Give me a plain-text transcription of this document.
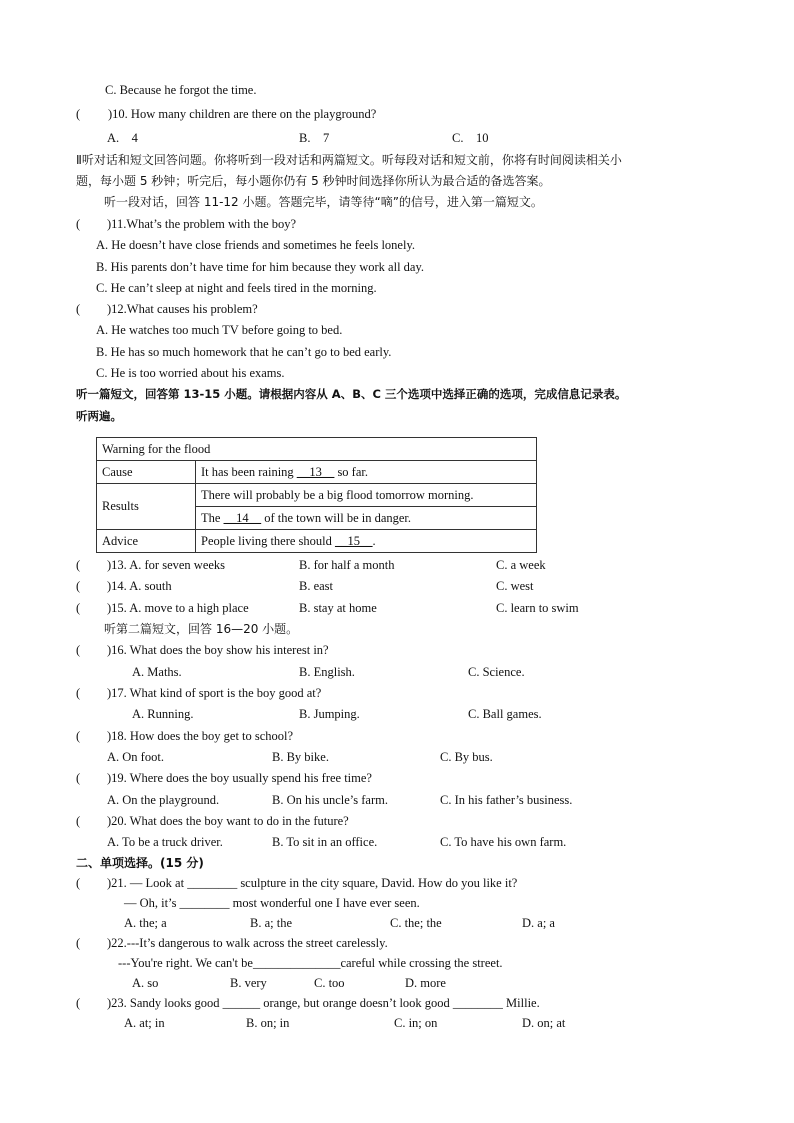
C. Because he forgot the time.
( )10. How many children are there on the playground?
A.　4	B.　7	C.　10
Ⅱ听对话和短文回答问题。你将听到一段对话和两篇短文。听每段对话和短文前，你将有时间阅读相关小
题，每小题 5 秒钟；听完后，每小题你仍有 5 秒钟时间选择你所认为最合适的备选答案。
听一段对话，回答 11-12 小题。答题完毕，请等待“嘀”的信号，进入第一篇短文。
( )11.What’s the problem with the boy?
A. He doesn’t have close friends and sometimes he feels lonely.
B. His parents don’t have time for him because they work all day.
C. He can’t sleep at night and feels tired in the morning.
( )12.What causes his problem?
A. He watches too much TV before going to bed.
B. He has so much homework that he can’t go to bed early.
C. He is too worried about his exams.
听一篇短文，回答第 13-15 小题。请根据内容从 A、B、C 三个选项中选择正确的选项，完成信息记录表。
听两遍。
Warning for the flood	
Cause	It has been raining __13__ so far.
Results	There will probably be a big flood tomorrow morning.
	The __14__ of the town will be in danger.
Advice	People living there should __15__.
( )13. A. for seven weeks	B. for half a month	C. a week
( )14. A. south	B. east	C. west
( )15. A. move to a high place	B. stay at home	C. learn to swim
听第二篇短文，回答 16—20 小题。
( )16. What does the boy show his interest in?
A. Maths.	B. English.	C. Science.
( )17. What kind of sport is the boy good at?
A. Running.	B. Jumping.	C. Ball games.
( )18. How does the boy get to school?
A. On foot.	B. By bike.	C. By bus.
( )19. Where does the boy usually spend his free time?
A. On the playground.	B. On his uncle’s farm.	C. In his father’s business.
( )20. What does the boy want to do in the future?
A. To be a truck driver.	B. To sit in an office.	C. To have his own farm.
二、单项选择。(15 分)
( )21. — Look at ________ sculpture in the city square, David. How do you like it?
— Oh, it’s ________ most wonderful one I have ever seen.
A. the; a	B. a; the	C. the; the	D. a; a
( )22.---It’s dangerous to walk across the street carelessly.
---You're right. We can't be______________careful while crossing the street.
A. so	B. very	C. too	D. more
( )23. Sandy looks good ______ orange, but orange doesn’t look good ________ Millie.
A. at; in	B. on; in	C. in; on	D. on; at
